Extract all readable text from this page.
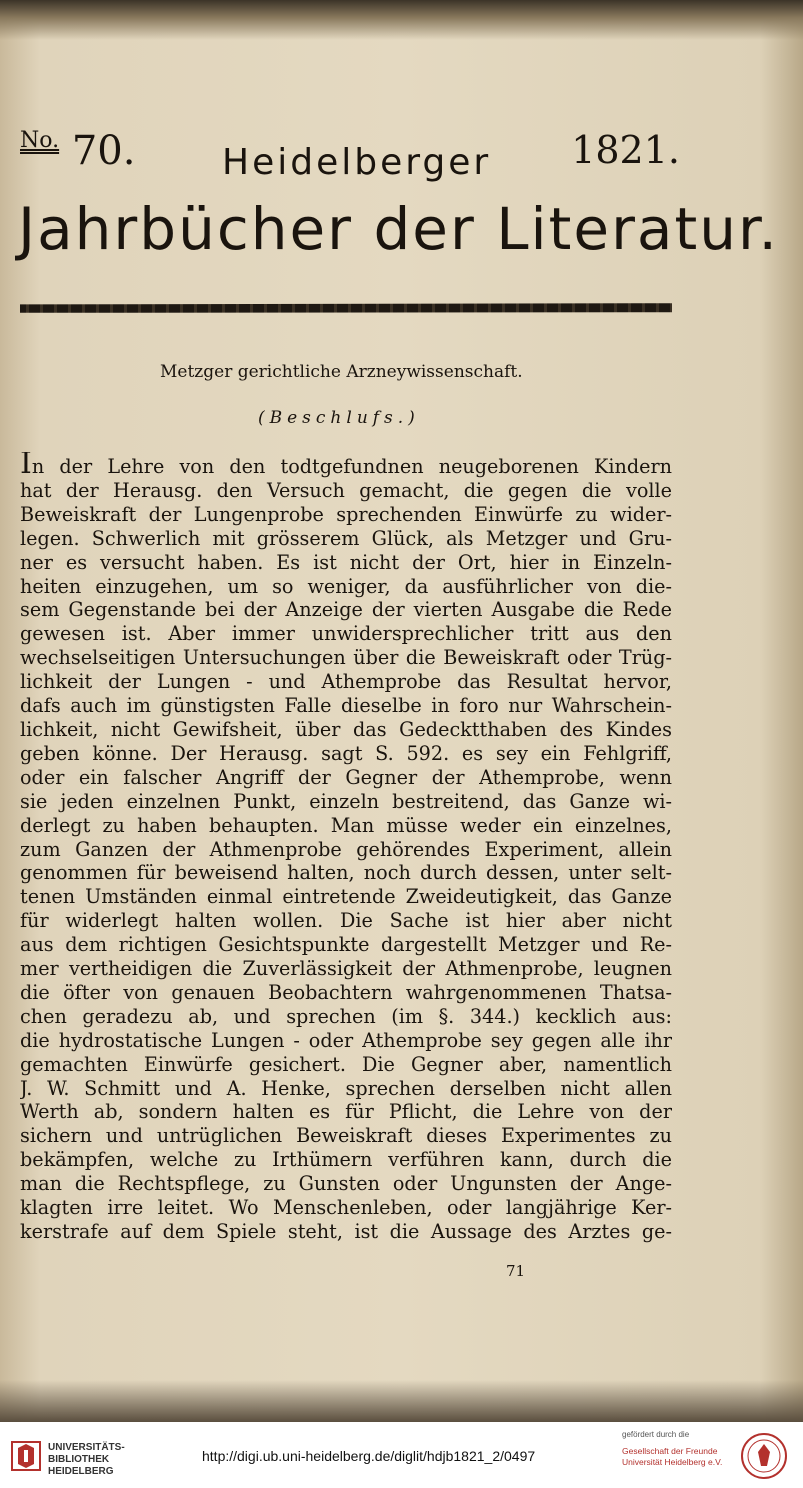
$^{No.}$ 70. Heidelberger 1821.
Jahrbücher der Literatur.
Metzger gerichtliche Arzneywissenschaft.
(Beschlufs.)
In der Lehre von den todtgefundnen neugeborenen Kindern
hat der Herausg. den Versuch gemacht, die gegen die volle
Beweiskraft der Lungenprobe sprechenden Einwürfe zu wider-
legen. Schwerlich mit grösserem Glück, als Metzger und Gru-
ner es versucht haben. Es ist nicht der Ort, hier in Einzeln-
heiten einzugehen, um so weniger, da ausführlicher von die-
sem Gegenstande bei der Anzeige der vierten Ausgabe die Rede
gewesen ist. Aber immer unwidersprechlicher tritt aus den
wechselseitigen Untersuchungen über die Beweiskraft oder Trüg-
lichkeit der Lungen - und Athemprobe das Resultat hervor,
dafs auch im günstigsten Falle dieselbe in foro nur Wahrschein-
lichkeit, nicht Gewifsheit, über das Gedecktthaben des Kindes
geben könne. Der Herausg. sagt S. 592. es sey ein Fehlgriff,
oder ein falscher Angriff der Gegner der Athemprobe, wenn
sie jeden einzelnen Punkt, einzeln bestreitend, das Ganze wi-
derlegt zu haben behaupten. Man müsse weder ein einzelnes,
zum Ganzen der Athmenprobe gehörendes Experiment, allein
genommen für beweisend halten, noch durch dessen, unter selt-
tenen Umständen einmal eintretende Zweideutigkeit, das Ganze
für widerlegt halten wollen. Die Sache ist hier aber nicht
aus dem richtigen Gesichtspunkte dargestellt Metzger und Re-
mer vertheidigen die Zuverlässigkeit der Athmenprobe, leugnen
die öfter von genauen Beobachtern wahrgenommenen Thatsa-
chen geradezu ab, und sprechen (im §. 344.) kecklich aus:
die hydrostatische Lungen - oder Athemprobe sey gegen alle ihr
gemachten Einwürfe gesichert. Die Gegner aber, namentlich
J. W. Schmitt und A. Henke, sprechen derselben nicht allen
Werth ab, sondern halten es für Pflicht, die Lehre von der
sichern und untrüglichen Beweiskraft dieses Experimentes zu
bekämpfen, welche zu Irthümern verführen kann, durch die
man die Rechtspflege, zu Gunsten oder Ungunsten der Ange-
klagten irre leitet. Wo Menschenleben, oder langjährige Ker-
kerstrafe auf dem Spiele steht, ist die Aussage des Arztes ge-
71
UNIVERSITÄTS-
BIBLIOTHEK
HEIDELBERG
http://digi.ub.uni-heidelberg.de/diglit/hdjb1821_2/0497
gefördert durch die
Gesellschaft der Freunde
Universität Heidelberg e.V.
